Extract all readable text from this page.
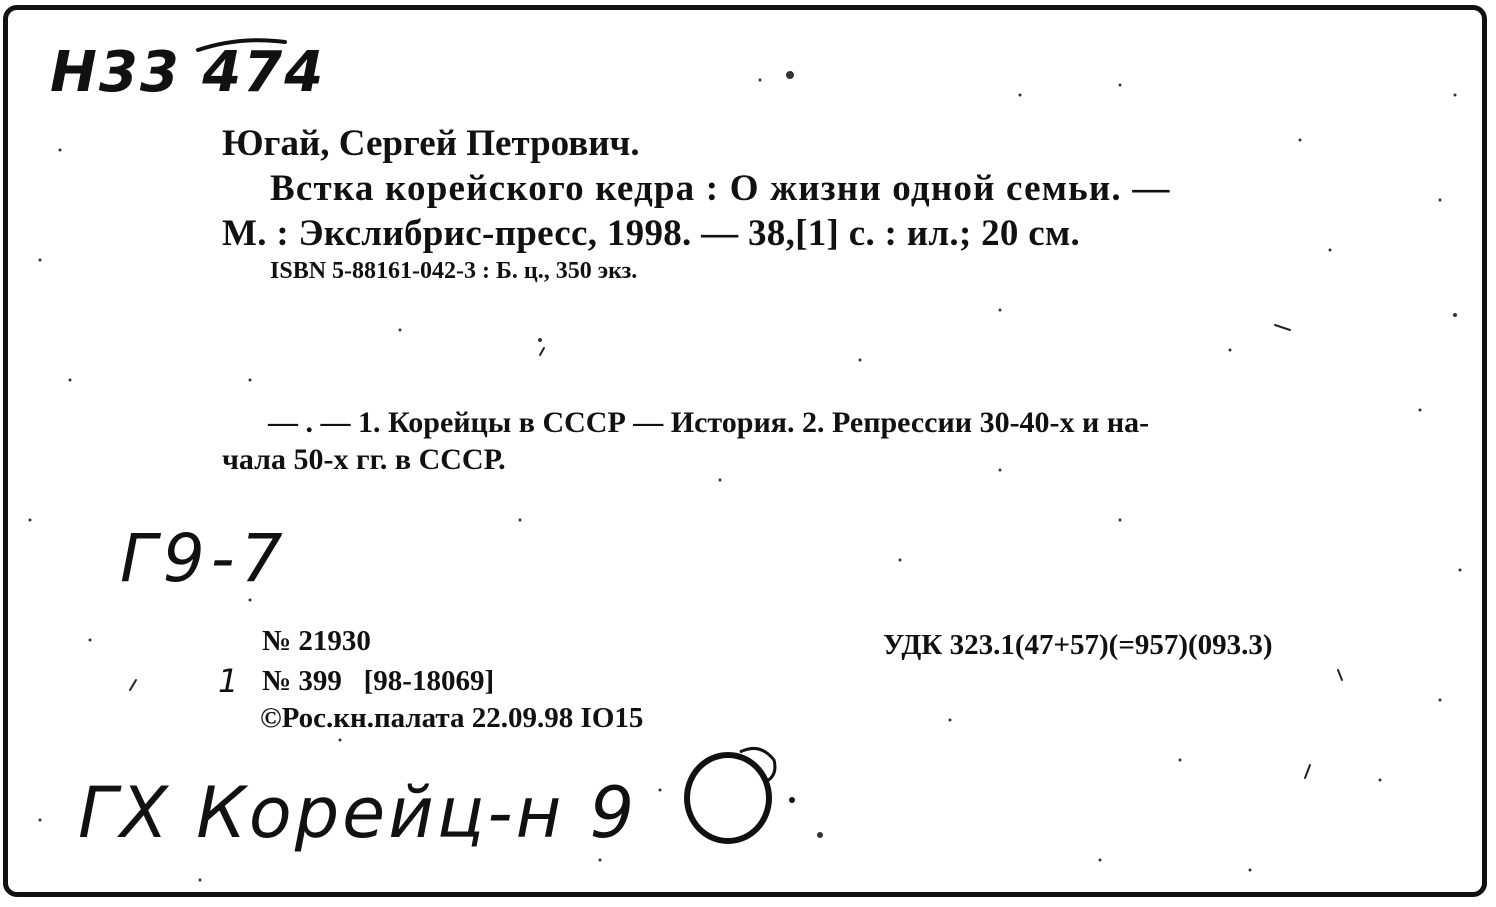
Н33 474
Югай, Сергей Петрович.
Встка корейского кедра : О жизни одной семьи. —
М. : Экслибрис-пресс, 1998. — 38,[1] с. : ил.; 20 см.
ISBN 5-88161-042-3 : Б. ц., 350 экз.
— . — 1. Корейцы в СССР — История. 2. Репрессии 30-40-х и на-
чала 50-х гг. в СССР.
Г9-7
№ 21930	УДК 323.1(47+57)(=957)(093.3)
1 № 399   [98-18069]
©Рос.кн.палата 22.09.98 IO15
ГХ Корейц-н 9
